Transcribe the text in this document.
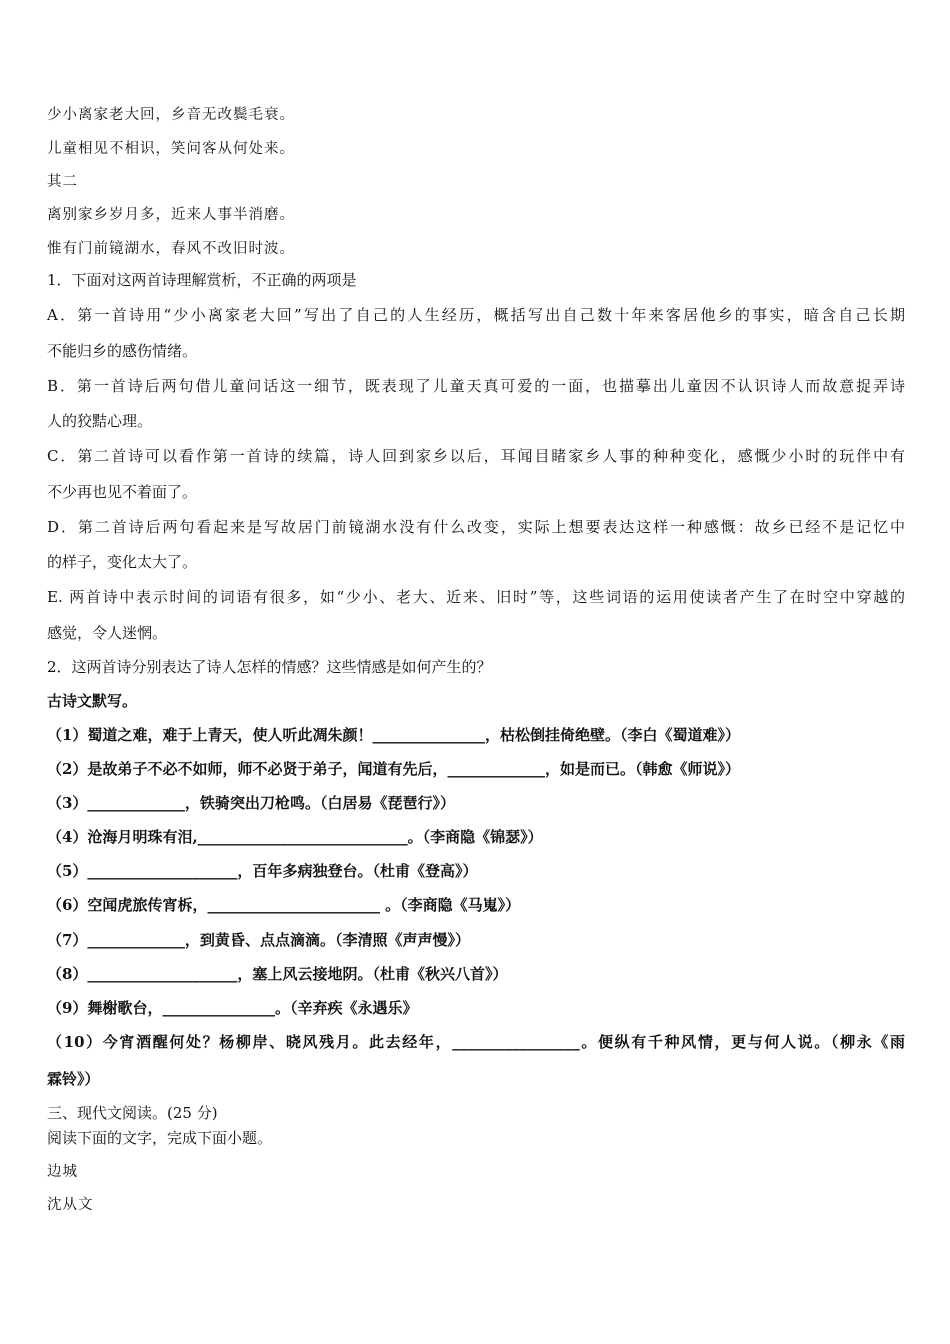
少小离家老大回，乡音无改鬓毛衰。
儿童相见不相识，笑问客从何处来。
其二
离别家乡岁月多，近来人事半消磨。
惟有门前镜湖水，春风不改旧时波。
1．下面对这两首诗理解赏析，不正确的两项是
A．第一首诗用“少小离家老大回”写出了自己的人生经历，概括写出自己数十年来客居他乡的事实，暗含自己长期
不能归乡的感伤情绪。
B．第一首诗后两句借儿童问话这一细节，既表现了儿童天真可爱的一面，也描摹出儿童因不认识诗人而故意捉弄诗
人的狡黠心理。
C．第二首诗可以看作第一首诗的续篇，诗人回到家乡以后，耳闻目睹家乡人事的种种变化，感慨少小时的玩伴中有
不少再也见不着面了。
D．第二首诗后两句看起来是写故居门前镜湖水没有什么改变，实际上想要表达这样一种感慨：故乡已经不是记忆中
的样子，变化太大了。
E. 两首诗中表示时间的词语有很多，如“少小、老大、近来、旧时”等，这些词语的运用使读者产生了在时空中穿越的
感觉，令人迷惘。
2．这两首诗分别表达了诗人怎样的情感？这些情感是如何产生的？
古诗文默写。
（1）蜀道之难，难于上青天，使人听此凋朱颜！_______________，枯松倒挂倚绝壁。（李白《蜀道难》）
（2）是故弟子不必不如师，师不必贤于弟子，闻道有先后，_____________，如是而已。（韩愈《师说》）
（3）_____________，铁骑突出刀枪鸣。（白居易《琵琶行》）
（4）沧海月明珠有泪,____________________________。（李商隐《锦瑟》）
（5）____________________，百年多病独登台。（杜甫《登高》）
（6）空闻虎旅传宵柝，_______________________ 。（李商隐《马嵬》）
（7）_____________，到黄昏、点点滴滴。（李清照《声声慢》）
（8）____________________，塞上风云接地阴。（杜甫《秋兴八首》）
（9）舞榭歌台，_______________。（辛弃疾《永遇乐》
（10）今宵酒醒何处？杨柳岸、晓风残月。此去经年，_________________。便纵有千种风情，更与何人说。（柳永《雨
霖铃》）
三、现代文阅读。(25 分)
阅读下面的文字，完成下面小题。
边城
沈从文
